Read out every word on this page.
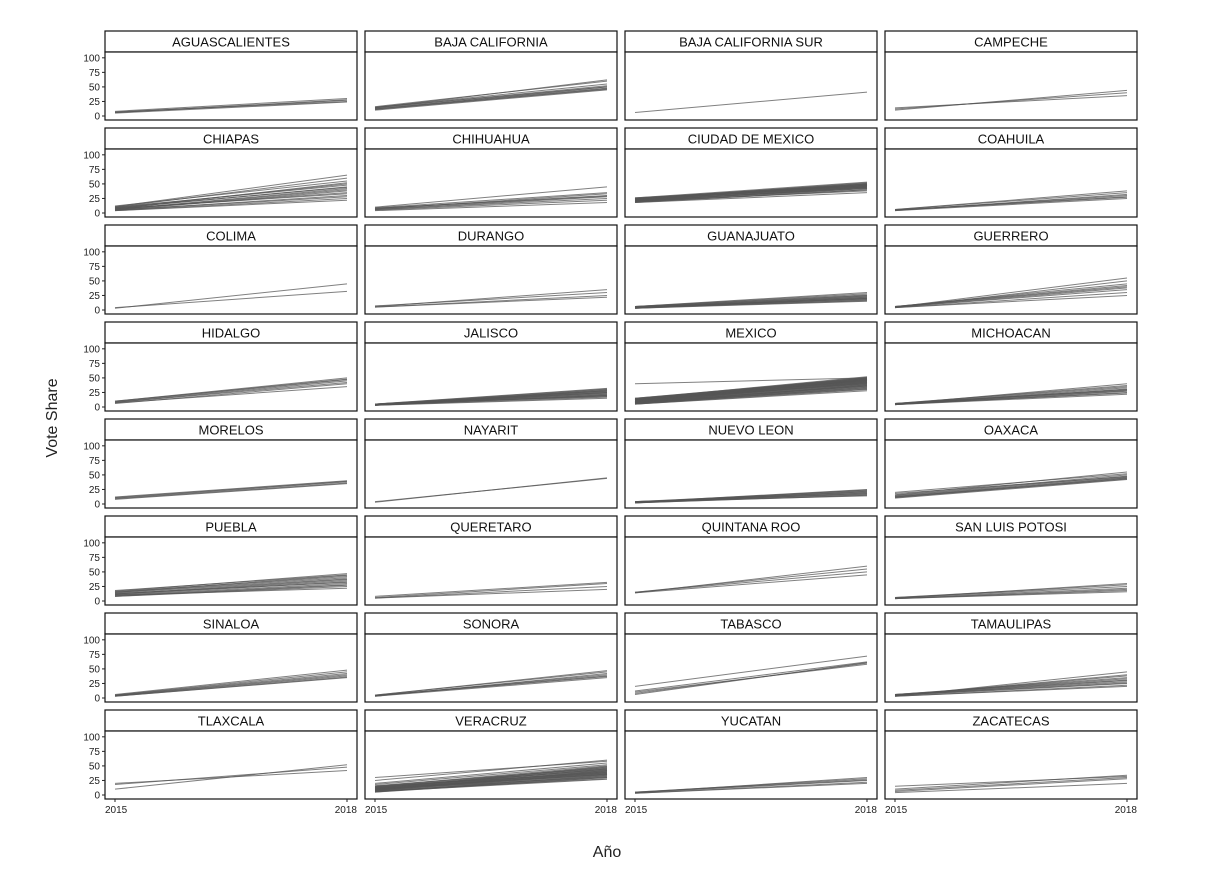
AGUASCALIENTES
0
25
50
75
100
BAJA CALIFORNIA	BAJA CALIFORNIA SUR	CAMPECHE
CHIAPAS
0
25
50
75
100
CHIHUAHUA	CIUDAD DE MEXICO	COAHUILA
COLIMA
0
25
50
75
100
DURANGO	GUANAJUATO	GUERRERO
HIDALGO
0
25
50
75
100
JALISCO	MEXICO	MICHOACAN
MORELOS
0
25
50
75
100
NAYARIT	NUEVO LEON	OAXACA
PUEBLA
0
25
50
75
100
QUERETARO	QUINTANA ROO	SAN LUIS POTOSI
SINALOA
0
25
50
75
100
SONORA	TABASCO	TAMAULIPAS
TLAXCALA
0
25
50
75
100
2015	2018
VERACRUZ
2015	2018
YUCATAN
2015	2018
ZACATECAS
2015	2018
Vote Share
Año
